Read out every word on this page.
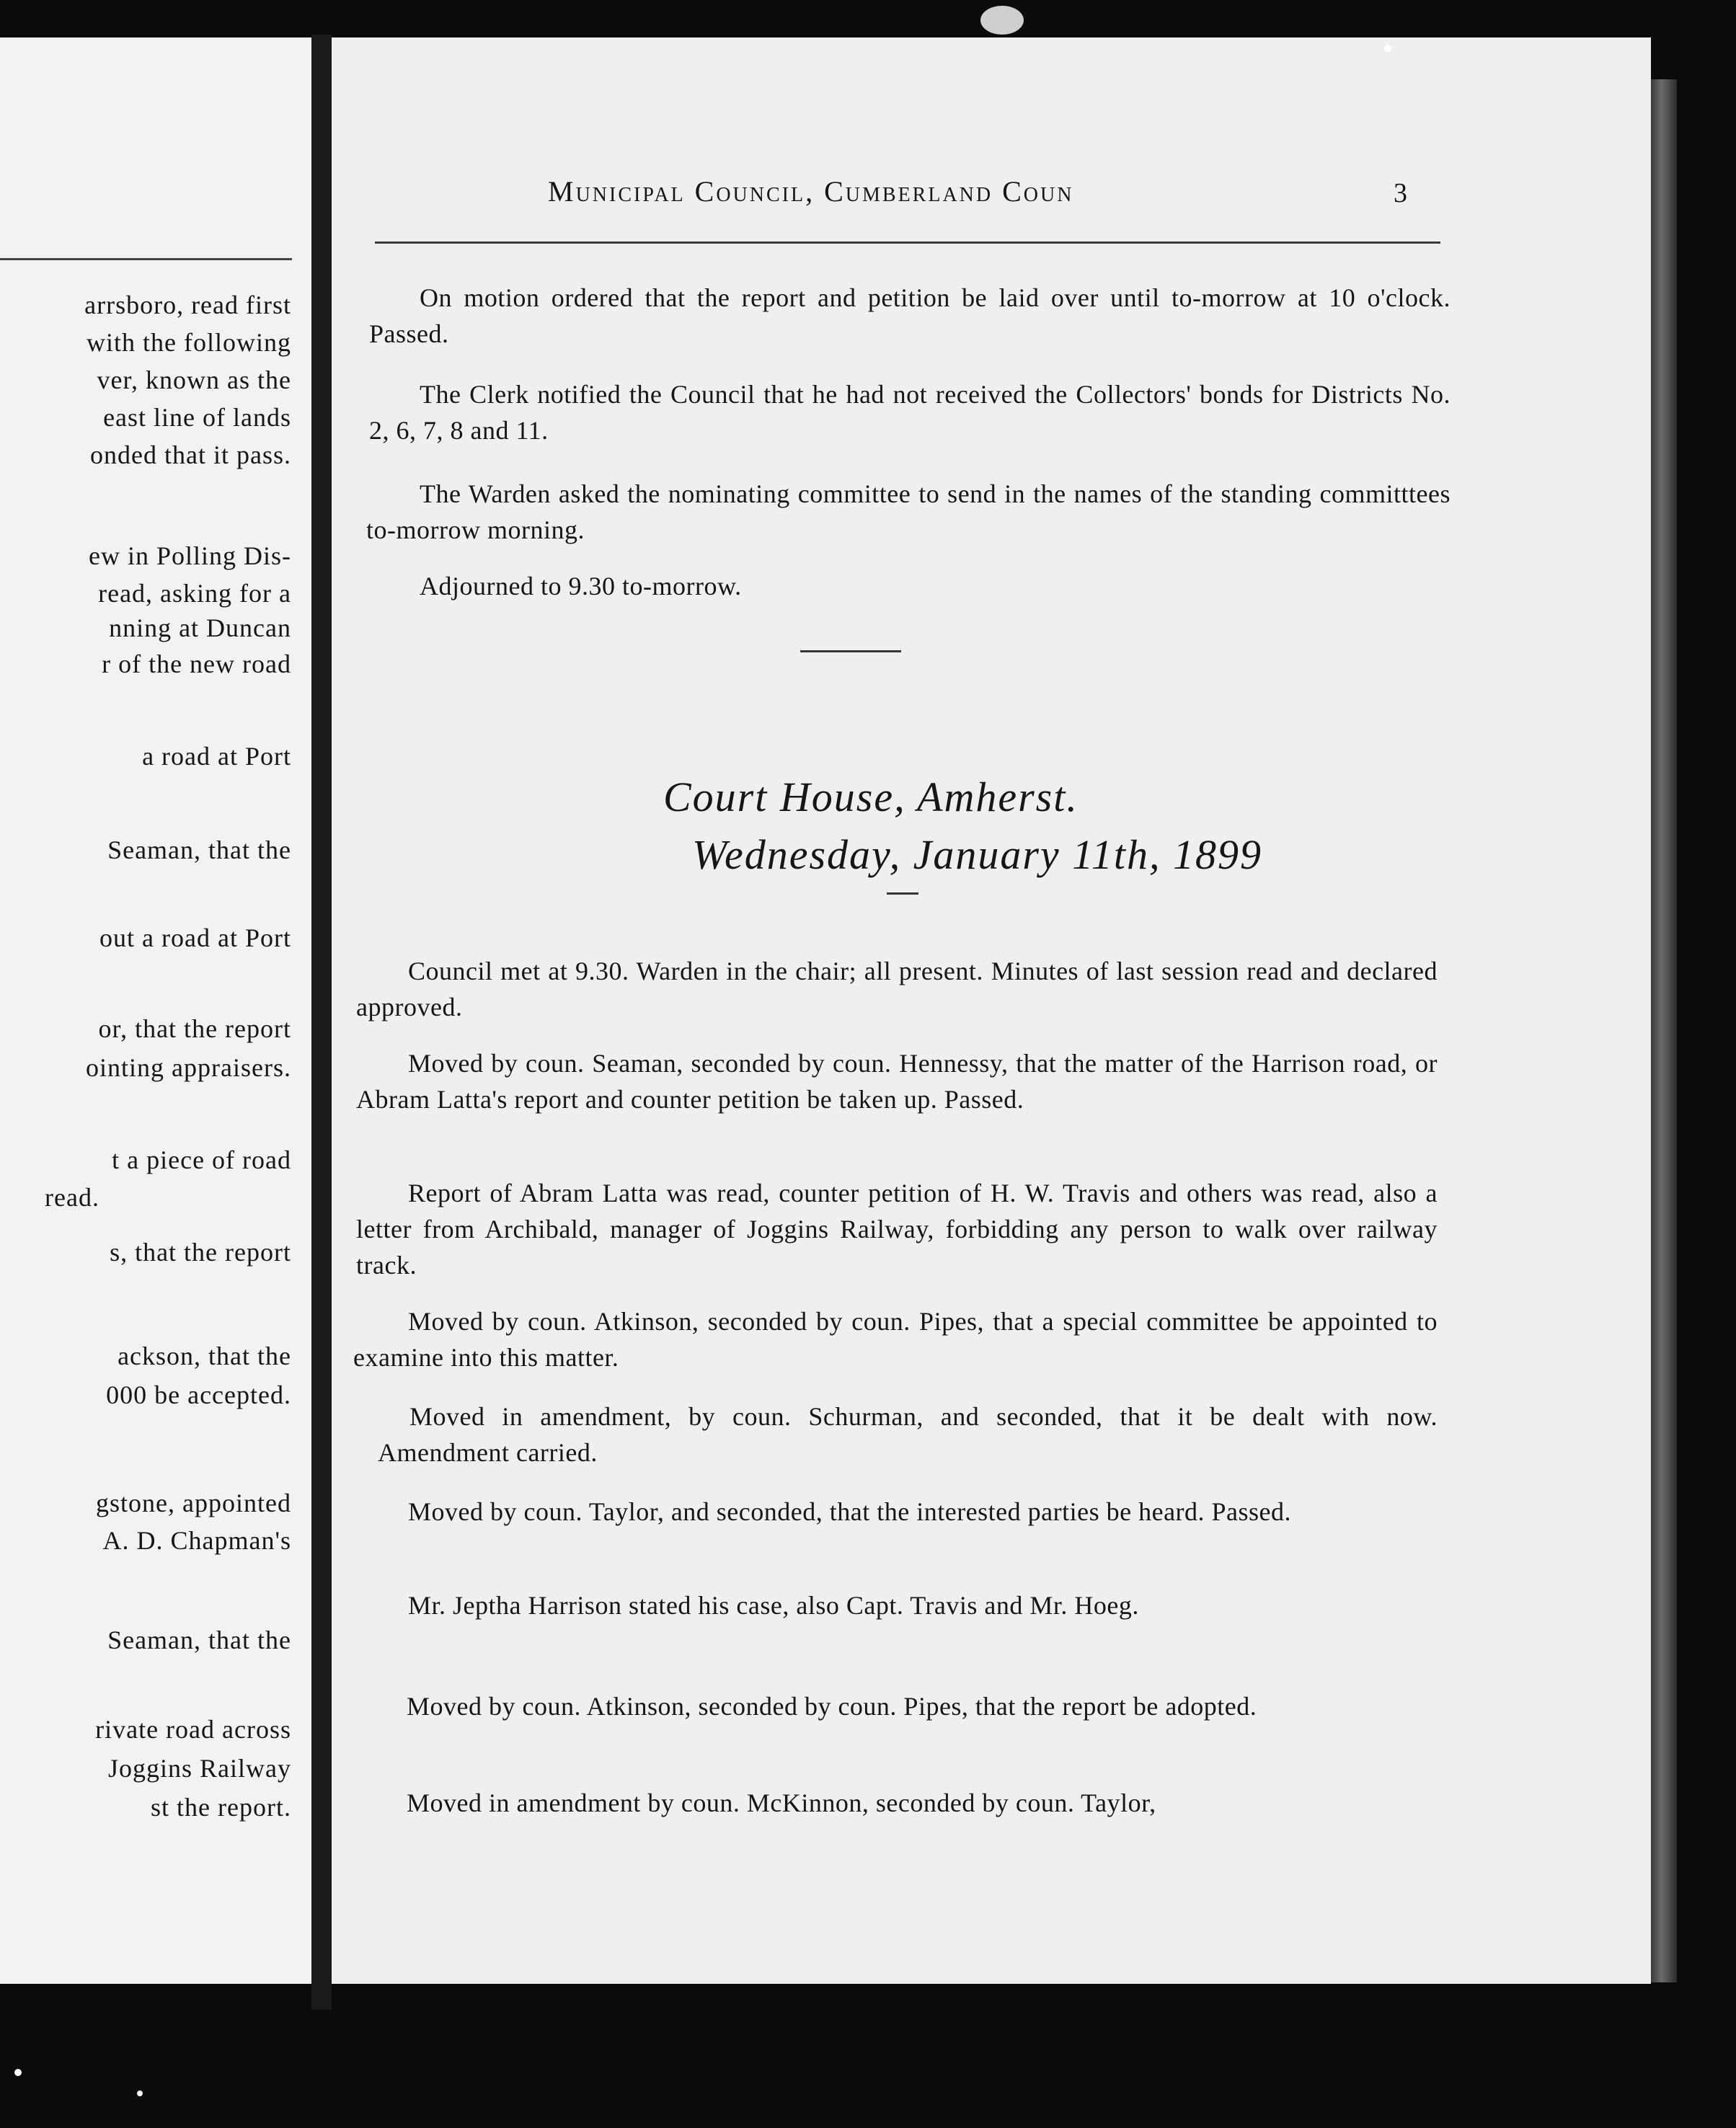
arrsboro, read first
with the following
ver, known as the
east line of lands
onded that it pass.
ew in Polling Dis-
read, asking for a
nning at Duncan
r of the new road
a road at Port
Seaman, that the
out a road at Port
or, that the report
ointing appraisers.
t a piece of road
read.
s, that the report
ackson, that the
000 be accepted.
gstone, appointed
A. D. Chapman's
Seaman, that the
rivate road across
Joggins Railway
st the report.
Municipal Council, Cumberland Coun	3

On motion ordered that the report and petition be laid over until to-morrow at 10 o'clock. Passed.

The Clerk notified the Council that he had not received the Collectors' bonds for Districts No. 2, 6, 7, 8 and 11.

The Warden asked the nominating committee to send in the names of the standing committtees to-morrow morning.

Adjourned to 9.30 to-morrow.

Court House, Amherst.
Wednesday, January 11th, 1899

Council met at 9.30. Warden in the chair; all present. Minutes of last session read and declared approved.

Moved by coun. Seaman, seconded by coun. Hennessy, that the matter of the Harrison road, or Abram Latta's report and counter petition be taken up. Passed.

Report of Abram Latta was read, counter petition of H. W. Travis and others was read, also a letter from Archibald, manager of Joggins Railway, forbidding any person to walk over railway track.

Moved by coun. Atkinson, seconded by coun. Pipes, that a special committee be appointed to examine into this matter.

Moved in amendment, by coun. Schurman, and seconded, that it be dealt with now. Amendment carried.

Moved by coun. Taylor, and seconded, that the interested parties be heard. Passed.

Mr. Jeptha Harrison stated his case, also Capt. Travis and Mr. Hoeg.

Moved by coun. Atkinson, seconded by coun. Pipes, that the report be adopted.

Moved in amendment by coun. McKinnon, seconded by coun. Taylor,
